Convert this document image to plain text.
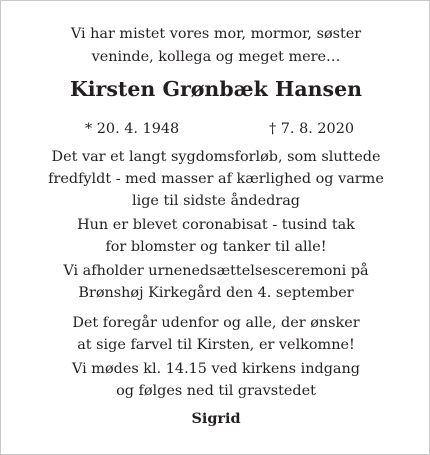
Vi har mistet vores mor, mormor, søster
veninde, kollega og meget mere…
Kirsten Grønbæk Hansen
* 20. 4. 1948	† 7. 8. 2020
Det var et langt sygdomsforløb, som sluttede
fredfyldt - med masser af kærlighed og varme
lige til sidste åndedrag
Hun er blevet coronabisat - tusind tak
for blomster og tanker til alle!
Vi afholder urnenedsættelsesceremoni på
Brønshøj Kirkegård den 4. september
Det foregår udenfor og alle, der ønsker
at sige farvel til Kirsten, er velkomne!
Vi mødes kl. 14.15 ved kirkens indgang
og følges ned til gravstedet
Sigrid
